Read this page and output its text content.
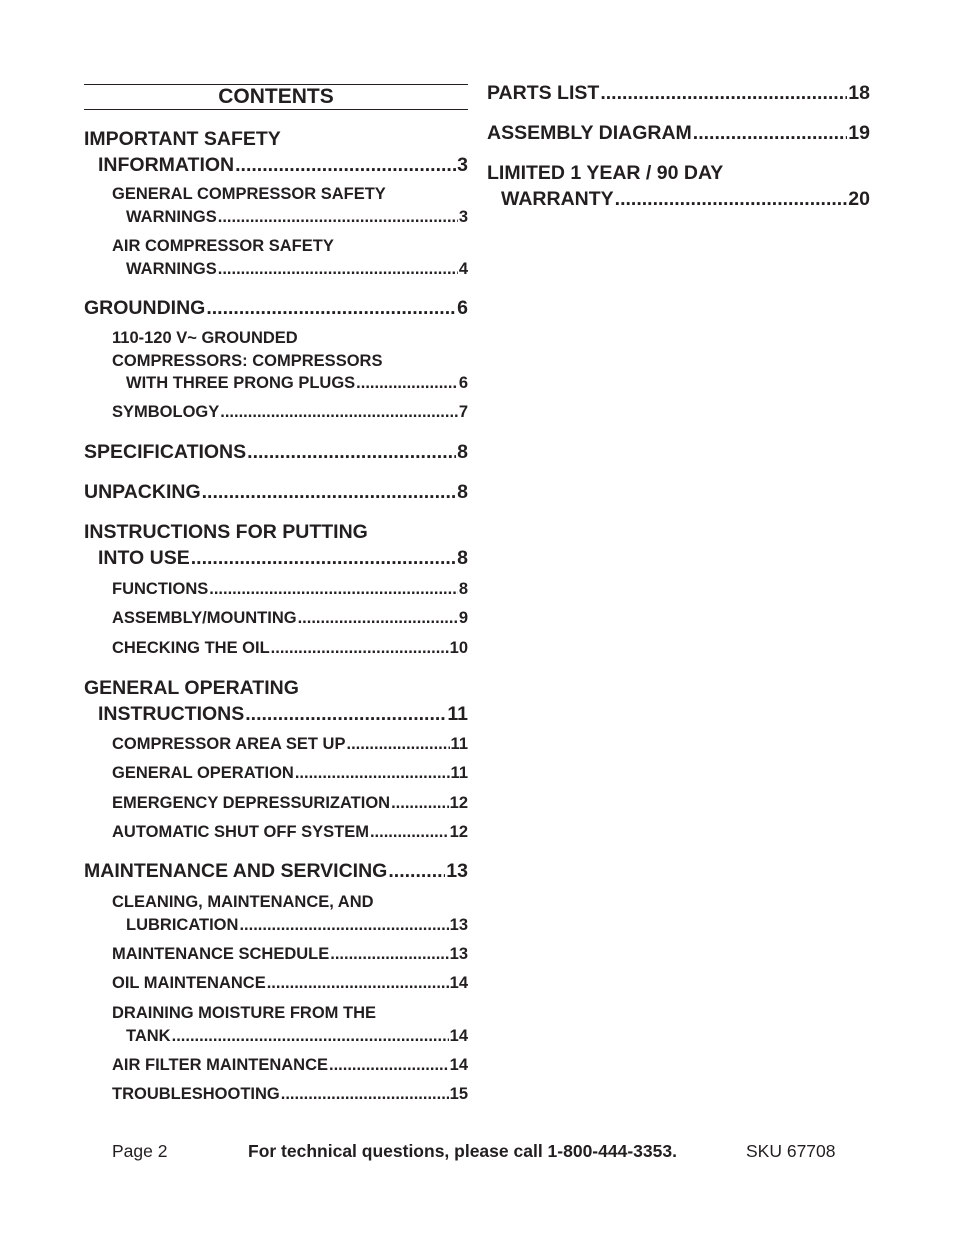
CONTENTS
IMPORTANT SAFETY
INFORMATION .....	3
GENERAL COMPRESSOR SAFETY
WARNINGS .....	3
AIR COMPRESSOR SAFETY
WARNINGS .....	4
GROUNDING .....	6
110-120 V~ GROUNDED
COMPRESSORS: COMPRESSORS
WITH THREE PRONG PLUGS .....	6
SYMBOLOGY .....	7
SPECIFICATIONS .....	8
UNPACKING .....	8
INSTRUCTIONS FOR PUTTING
INTO USE .....	8
FUNCTIONS .....	8
ASSEMBLY/MOUNTING .....	9
CHECKING THE OIL .....	10
GENERAL OPERATING
INSTRUCTIONS .....	11
COMPRESSOR AREA SET UP .....	11
GENERAL OPERATION .....	11
EMERGENCY DEPRESSURIZATION .....	12
AUTOMATIC SHUT OFF SYSTEM .....	12
MAINTENANCE AND SERVICING .....	13
CLEANING, MAINTENANCE, AND
LUBRICATION .....	13
MAINTENANCE SCHEDULE .....	13
OIL MAINTENANCE .....	14
DRAINING MOISTURE FROM THE
TANK .....	14
AIR FILTER MAINTENANCE .....	14
TROUBLESHOOTING .....	15
PARTS LIST .....	18
ASSEMBLY DIAGRAM .....	19
LIMITED 1 YEAR / 90 DAY
WARRANTY .....	20
Page 2	For technical questions, please call 1-800-444-3353.	SKU 67708
